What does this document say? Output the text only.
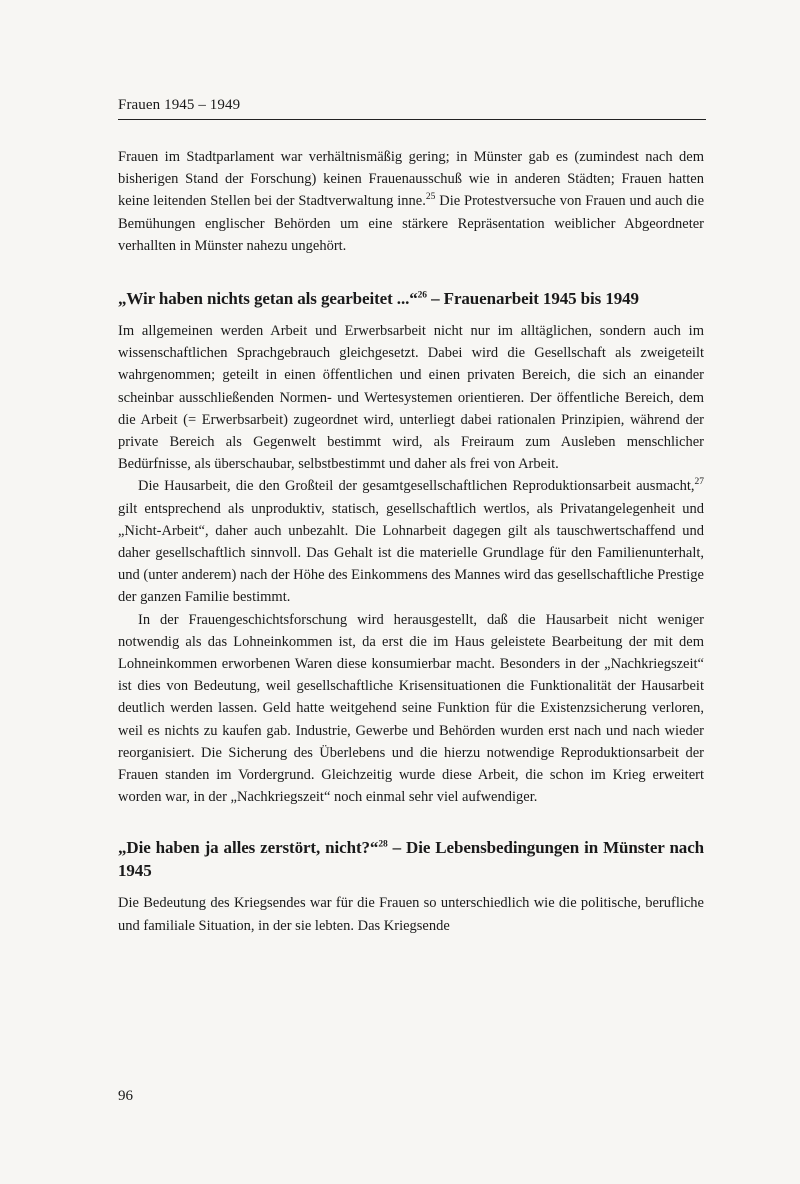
Frauen 1945 – 1949

Frauen im Stadtparlament war verhältnismäßig gering; in Münster gab es (zumindest nach dem bisherigen Stand der Forschung) keinen Frauenausschuß wie in anderen Städten; Frauen hatten keine leitenden Stellen bei der Stadtverwaltung inne.$^{25}$ Die Protestversuche von Frauen und auch die Bemühungen englischer Behörden um eine stärkere Repräsentation weiblicher Abgeordneter verhallten in Münster nahezu ungehört.

„Wir haben nichts getan als gearbeitet ...“$^{26}$ – Frauenarbeit 1945 bis 1949

Im allgemeinen werden Arbeit und Erwerbsarbeit nicht nur im alltäglichen, sondern auch im wissenschaftlichen Sprachgebrauch gleichgesetzt. Dabei wird die Gesellschaft als zweigeteilt wahrgenommen; geteilt in einen öffentlichen und einen privaten Bereich, die sich an einander scheinbar ausschließenden Normen- und Wertesystemen orientieren. Der öffentliche Bereich, dem die Arbeit (= Erwerbsarbeit) zugeordnet wird, unterliegt dabei rationalen Prinzipien, während der private Bereich als Gegenwelt bestimmt wird, als Freiraum zum Ausleben menschlicher Bedürfnisse, als überschaubar, selbstbestimmt und daher als frei von Arbeit.

Die Hausarbeit, die den Großteil der gesamtgesellschaftlichen Reproduktionsarbeit ausmacht,$^{27}$ gilt entsprechend als unproduktiv, statisch, gesellschaftlich wertlos, als Privatangelegenheit und „Nicht-Arbeit“, daher auch unbezahlt. Die Lohnarbeit dagegen gilt als tauschwertschaffend und daher gesellschaftlich sinnvoll. Das Gehalt ist die materielle Grundlage für den Familienunterhalt, und (unter anderem) nach der Höhe des Einkommens des Mannes wird das gesellschaftliche Prestige der ganzen Familie bestimmt.

In der Frauengeschichtsforschung wird herausgestellt, daß die Hausarbeit nicht weniger notwendig als das Lohneinkommen ist, da erst die im Haus geleistete Bearbeitung der mit dem Lohneinkommen erworbenen Waren diese konsumierbar macht. Besonders in der „Nachkriegszeit“ ist dies von Bedeutung, weil gesellschaftliche Krisensituationen die Funktionalität der Hausarbeit deutlich werden lassen. Geld hatte weitgehend seine Funktion für die Existenzsicherung verloren, weil es nichts zu kaufen gab. Industrie, Gewerbe und Behörden wurden erst nach und nach wieder reorganisiert. Die Sicherung des Überlebens und die hierzu notwendige Reproduktionsarbeit der Frauen standen im Vordergrund. Gleichzeitig wurde diese Arbeit, die schon im Krieg erweitert worden war, in der „Nachkriegszeit“ noch einmal sehr viel aufwendiger.

„Die haben ja alles zerstört, nicht?“$^{28}$ – Die Lebensbedingungen in Münster nach 1945

Die Bedeutung des Kriegsendes war für die Frauen so unterschiedlich wie die politische, berufliche und familiale Situation, in der sie lebten. Das Kriegsende

96
